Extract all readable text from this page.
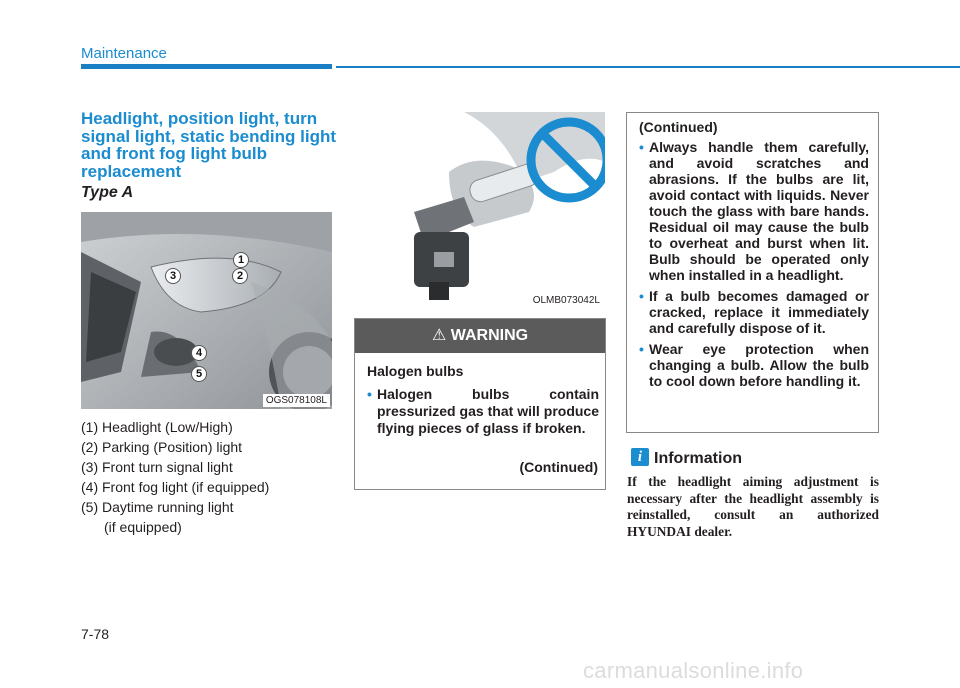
Maintenance
Headlight, position light, turn signal light, static bending light and front fog light bulb replacement
Type A
1
2
3
4
5
OGS078108L
(1) Headlight (Low/High)
(2) Parking (Position) light
(3) Front turn signal light
(4) Front fog light (if equipped)
(5) Daytime running light
(if equipped)
OLMB073042L
⚠ WARNING
Halogen bulbs
• Halogen bulbs contain pressurized gas that will produce flying pieces of glass if broken.
(Continued)
(Continued)
• Always handle them carefully, and avoid scratches and abrasions. If the bulbs are lit, avoid contact with liquids. Never touch the glass with bare hands. Residual oil may cause the bulb to overheat and burst when lit. Bulb should be operated only when installed in a headlight.
• If a bulb becomes damaged or cracked, replace it immediately and carefully dispose of it.
• Wear eye protection when changing a bulb. Allow the bulb to cool down before handling it.
i Information
If the headlight aiming adjustment is necessary after the headlight assembly is reinstalled, consult an authorized HYUNDAI dealer.
7-78
carmanualsonline.info
